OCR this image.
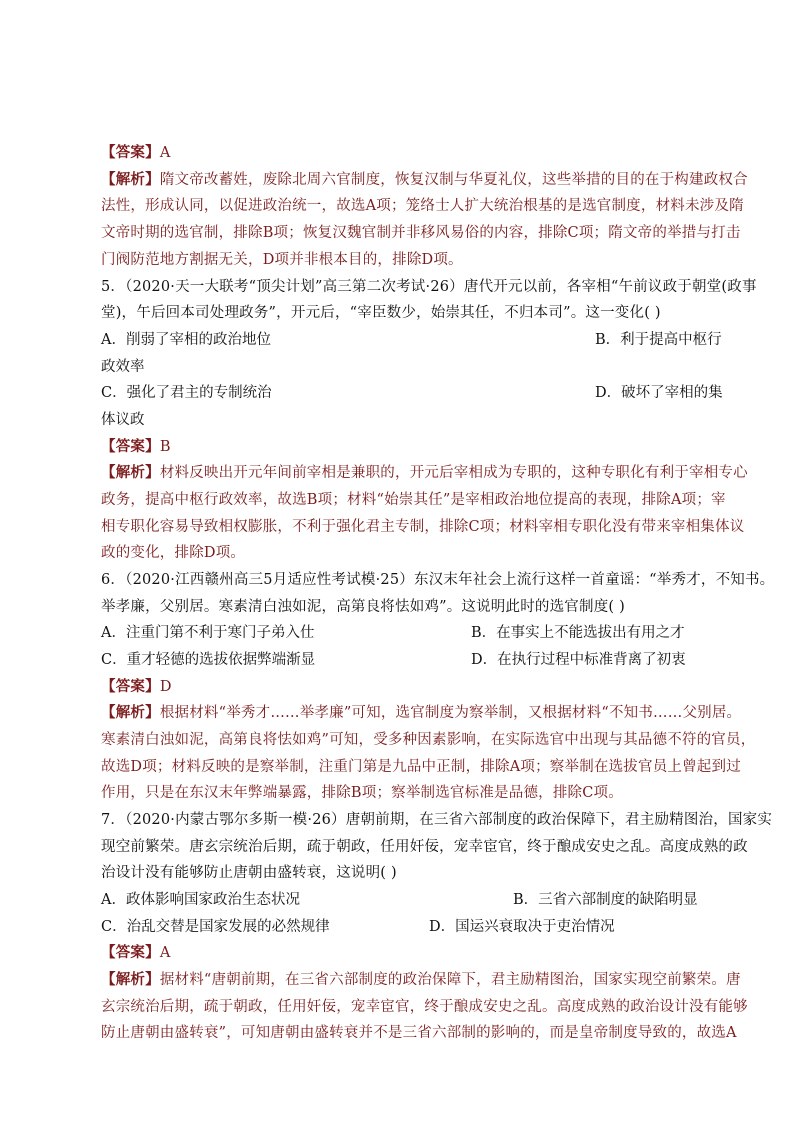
【答案】A
【解析】隋文帝改蓄姓，废除北周六官制度，恢复汉制与华夏礼仪，这些举措的目的在于构建政权合
法性，形成认同，以促进政治统一，故选A项；笼络士人扩大统治根基的是选官制度，材料未涉及隋
文帝时期的选官制，排除B项；恢复汉魏官制并非移风易俗的内容，排除C项；隋文帝的举措与打击
门阀防范地方割据无关，D项并非根本目的，排除D项。
5．（2020·天一大联考“顶尖计划”高三第二次考试·26）唐代开元以前，各宰相“午前议政于朝堂(政事
堂)，午后回本司处理政务”，开元后，“宰臣数少，始崇其任，不归本司”。这一变化( )
A．削弱了宰相的政治地位	B．利于提高中枢行
政效率
C．强化了君主的专制统治	D．破坏了宰相的集
体议政
【答案】B
【解析】材料反映出开元年间前宰相是兼职的，开元后宰相成为专职的，这种专职化有利于宰相专心
政务，提高中枢行政效率，故选B项；材料“始崇其任”是宰相政治地位提高的表现，排除A项；宰
相专职化容易导致相权膨胀，不利于强化君主专制，排除C项；材料宰相专职化没有带来宰相集体议
政的变化，排除D项。
6．（2020·江西赣州高三5月适应性考试模·25）东汉末年社会上流行这样一首童谣：“举秀才，不知书。
举孝廉，父别居。寒素清白浊如泥，高第良将怯如鸡”。这说明此时的选官制度( )
A．注重门第不利于寒门子弟入仕	B．在事实上不能选拔出有用之才
C．重才轻德的选拔依据弊端渐显	D．在执行过程中标准背离了初衷
【答案】D
【解析】根据材料“举秀才……举孝廉”可知，选官制度为察举制，又根据材料“不知书……父别居。
寒素清白浊如泥，高第良将怯如鸡”可知，受多种因素影响，在实际选官中出现与其品德不符的官员，
故选D项；材料反映的是察举制，注重门第是九品中正制，排除A项；察举制在选拔官员上曾起到过
作用，只是在东汉末年弊端暴露，排除B项；察举制选官标准是品德，排除C项。
7．（2020·内蒙古鄂尔多斯一模·26）唐朝前期，在三省六部制度的政治保障下，君主励精图治，国家实
现空前繁荣。唐玄宗统治后期，疏于朝政，任用奸佞，宠幸宦官，终于酿成安史之乱。高度成熟的政
治设计没有能够防止唐朝由盛转衰，这说明( )
A．政体影响国家政治生态状况	B．三省六部制度的缺陷明显
C．治乱交替是国家发展的必然规律	D．国运兴衰取决于吏治情况
【答案】A
【解析】据材料“唐朝前期，在三省六部制度的政治保障下，君主励精图治，国家实现空前繁荣。唐
玄宗统治后期，疏于朝政，任用奸佞，宠幸宦官，终于酿成安史之乱。高度成熟的政治设计没有能够
防止唐朝由盛转衰”，可知唐朝由盛转衰并不是三省六部制的影响的，而是皇帝制度导致的，故选A
